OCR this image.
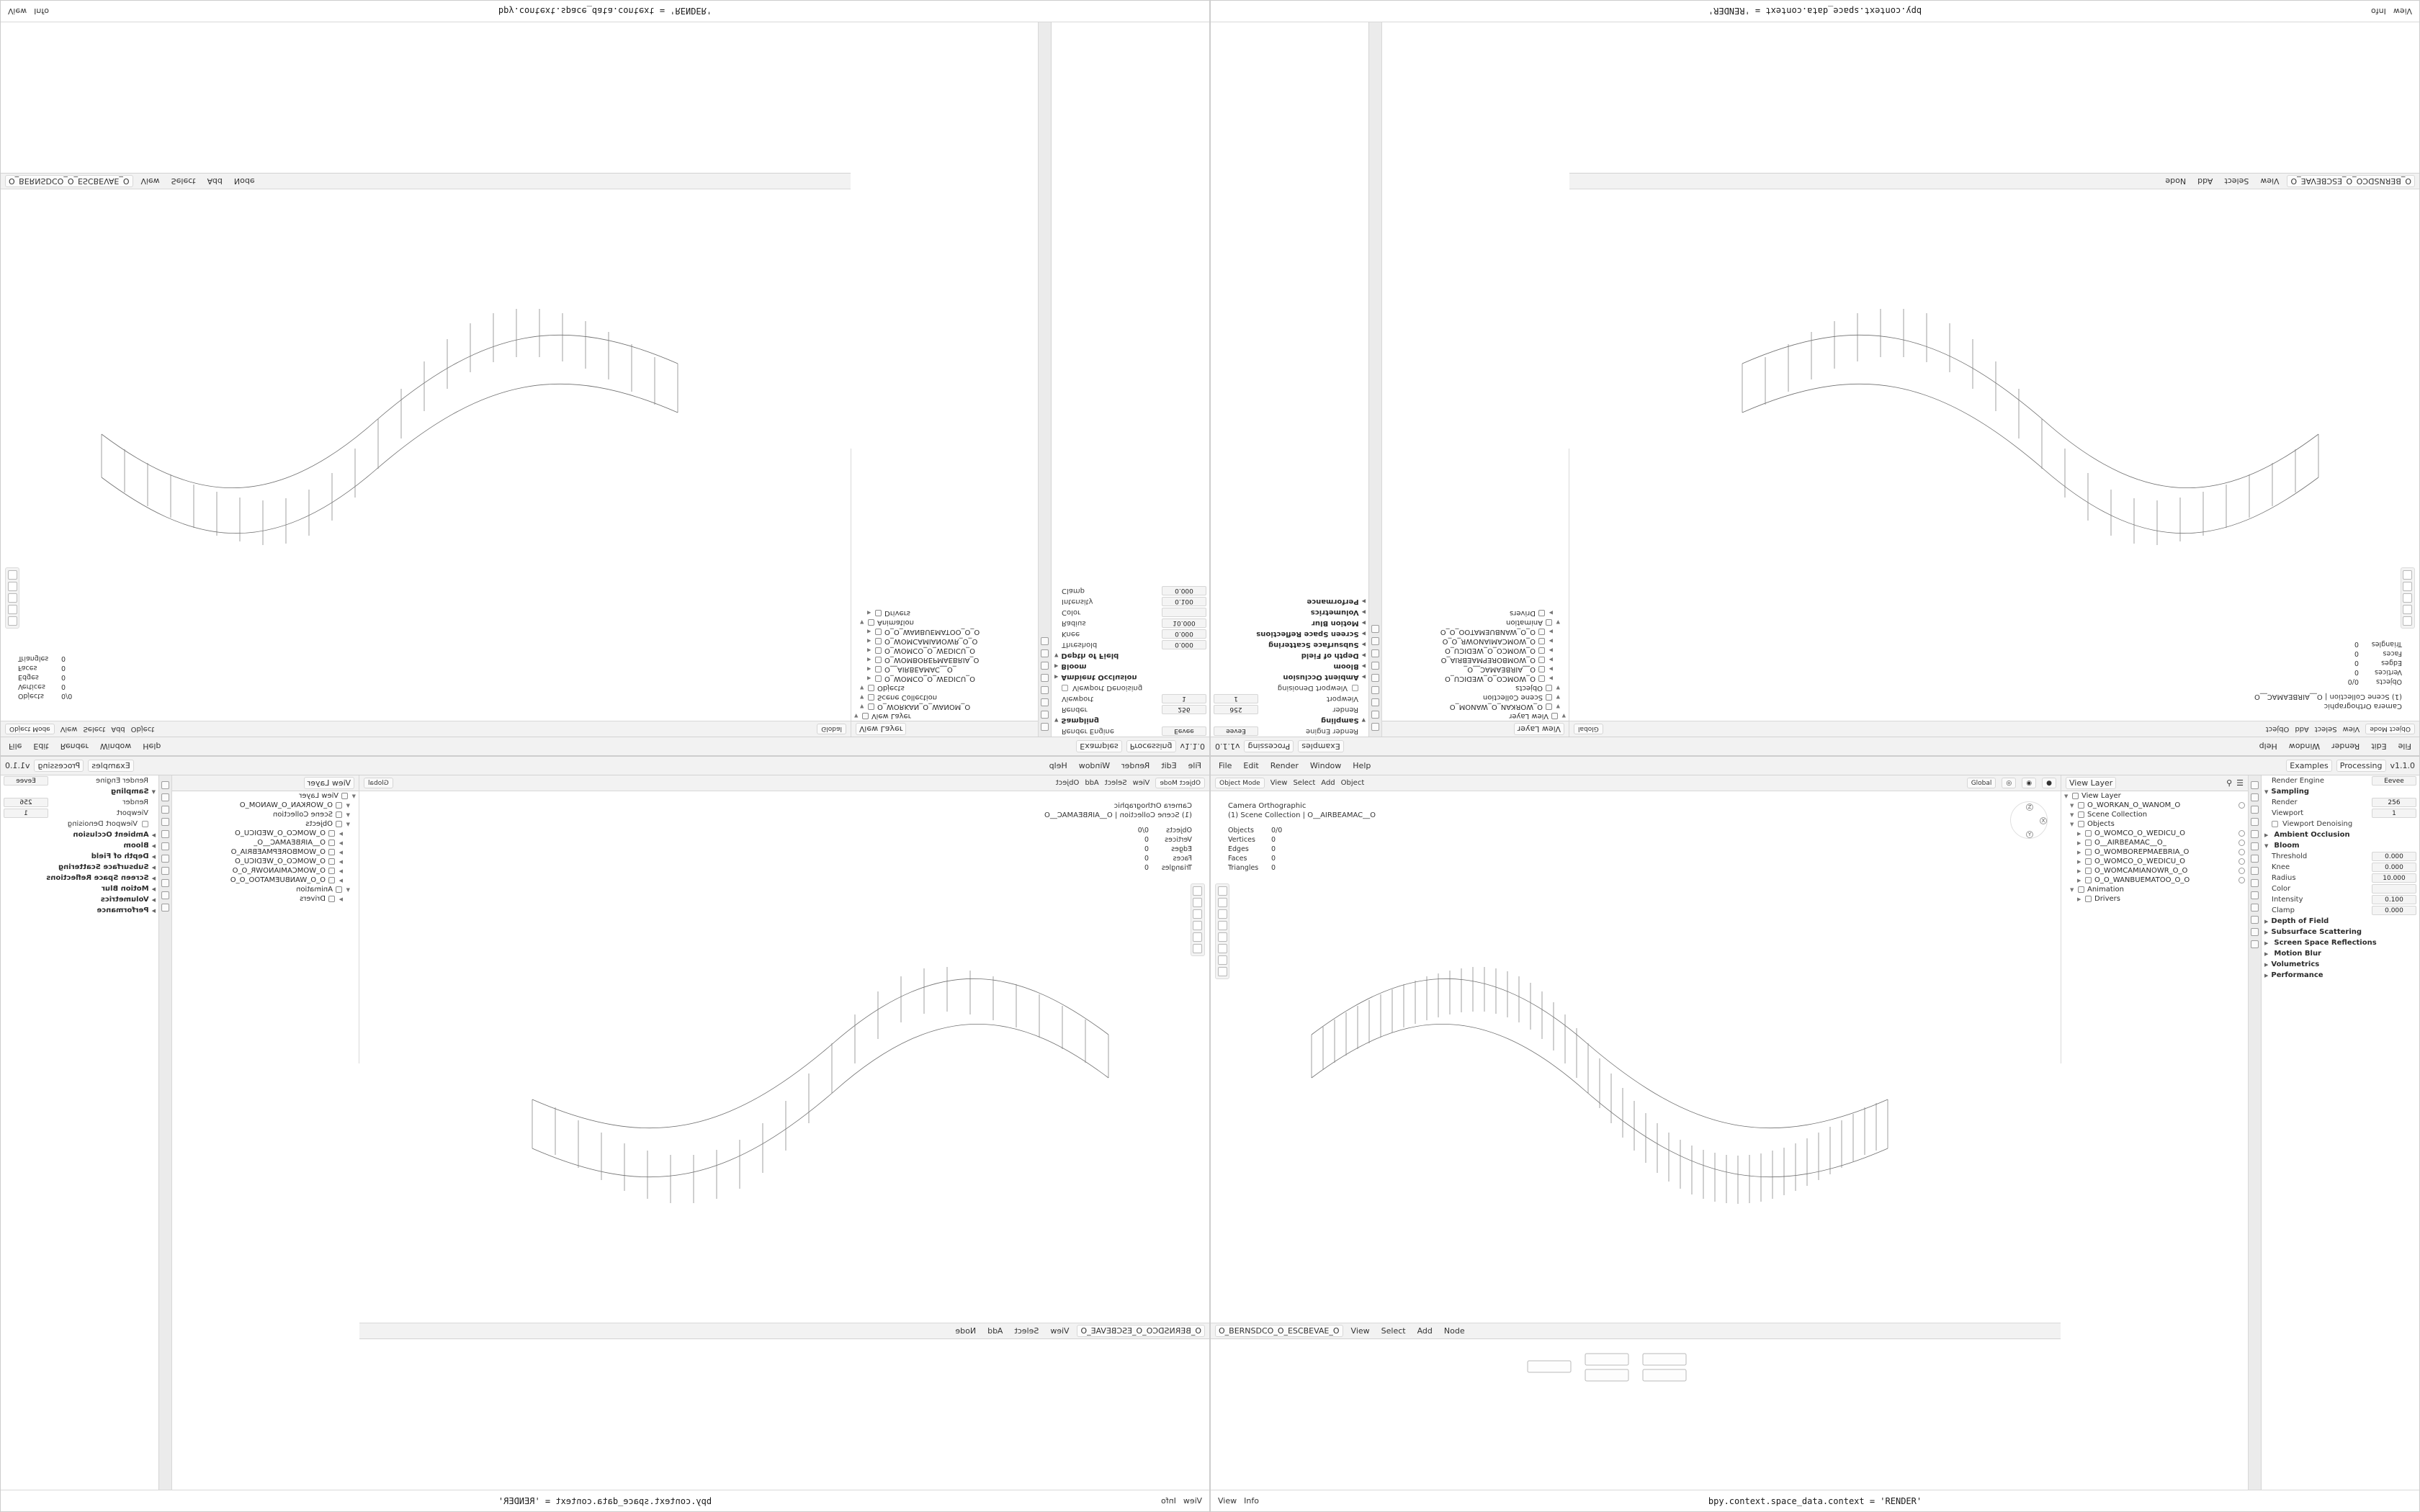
File	Edit	Render	Window	Help	Examples	Processing	v1.1.0
Object Mode	View Select Add Object	Global	◎	◉	●
Camera Orthographic
(1) Scene Collection | O__AIRBEAMAC__O
Objects	0/0
Vertices	0
Edges	0
Faces	0
Triangles	0
X
Y
Z
View Layer	⚲ ☰
▼ View Layer
▼ O_WORKAN_O_WANOM_O
▼ Scene Collection
▼ Objects
▶ O_WOMCO_O_WEDICU_O
▶ O__AIRBEAMAC__O_
▶ O_WOMBOREPMAEBRIA_O
▶ O_WOMCO_O_WEDICU_O
▶ O_WOMCAMIANOWR_O_O
▶ O_O_WANBUEMATOO_O_O
▼ Animation
▶ Drivers
Render Engine	Eevee
▼ Sampling
Render	256
Viewport	1
Viewport Denoising
▶ Ambient Occlusion
▼ Bloom
Threshold	0.000
Knee	0.000
Radius	10.000
Color
Intensity	0.100
Clamp	0.000
▶ Depth of Field
▶ Subsurface Scattering
▶ Screen Space Reflections
▶ Motion Blur
▶ Volumetrics
▶ Performance
O_BERNSDCO_O_ESCBEVAE_O	View	Select	Add	Node
View Info	bpy.context.space_data.context = 'RENDER'
File
Edit
Render
Window
Help
Examples
Processing
v1.1.0
Object Mode
View
Select
Add
Object
Global
Camera Orthographic
(1) Scene Collection | O__AIRBEAMAC__O
Objects
0/0
Vertices
0
Edges
0
Faces
0
Triangles
0
View Layer
▼
View Layer
▼
O_WORKAN_O_WANOM_O
▼
Scene Collection
▼
Objects
▶
O_WOMCO_O_WEDICU_O
▶
O__AIRBEAMAC__O_
▶
O_WOMBOREPMAEBRIA_O
▶
O_WOMCO_O_WEDICU_O
▶
O_WOMCAMIANOWR_O_O
▶
O_O_WANBUEMATOO_O_O
▼
Animation
▶
Drivers
Render Engine
Eevee
▼
Sampling
Render
256
Viewport
1
Viewport Denoising
▶
Ambient Occlusion
▶
Bloom
▶
Depth of Field
▶
Subsurface Scattering
▶
Screen Space Reflections
▶
Motion Blur
▶
Volumetrics
▶
Performance
O_BERNSDCO_O_ESCBEVAE_O
View
Select
Add
Node
View
Info
bpy.context.space_data.context = 'RENDER'
File
Edit
Render
Window
Help
Examples
Processing
v1.1.0
Object Mode
View
Select
Add
Object
Global
Camera Orthographic
(1) Scene Collection | O__AIRBEAMAC__O
Objects
0/0
Vertices
0
Edges
0
Faces
0
Triangles
0
View Layer
▼
View Layer
▼
O_WORKAN_O_WANOM_O
▼
Scene Collection
▼
Objects
▶
O_WOMCO_O_WEDICU_O
▶
O__AIRBEAMAC__O_
▶
O_WOMBOREPMAEBRIA_O
▶
O_WOMCO_O_WEDICU_O
▶
O_WOMCAMIANOWR_O_O
▶
O_O_WANBUEMATOO_O_O
▼
Animation
▶
Drivers
Render Engine
Eevee
▼
Sampling
Render
256
Viewport
1
Viewport Denoising
▶
Ambient Occlusion
▶
Bloom
▶
Depth of Field
▶
Subsurface Scattering
▶
Screen Space Reflections
▶
Motion Blur
▶
Volumetrics
▶
Performance
O_BERNSDCO_O_ESCBEVAE_O
View
Select
Add
Node
View
Info
bpy.context.space_data.context = 'RENDER'
File	Edit	Render	Window	Help	Examples	Processing	v1.1.0
Object Mode	View Select Add Object	Global
Objects	0/0
Vertices	0
Edges	0
Faces	0
Triangles	0
View Layer
▼ View Layer
▼ O_WORKAN_O_WANOM_O
▼ Scene Collection
▼ Objects
▶ O_WOMCO_O_WEDICU_O
▶ O__AIRBEAMAC__O_
▶ O_WOMBOREPMAEBRIA_O
▶ O_WOMCO_O_WEDICU_O
▶ O_WOMCAMIANOWR_O_O
▶ O_O_WANBUEMATOO_O_O
▼ Animation
▶ Drivers
Render Engine	Eevee
▼ Sampling
Render	256
Viewport	1
Viewport Denoising
▶ Ambient Occlusion
▶ Bloom
▼ Depth of Field
Threshold	0.000
Knee	0.000
Radius	10.000
Color
Intensity	0.100
Clamp	0.000
O_BERNSDCO_O_ESCBEVAE_O	View	Select	Add	Node
View Info	bpy.context.space_data.context = 'RENDER'
